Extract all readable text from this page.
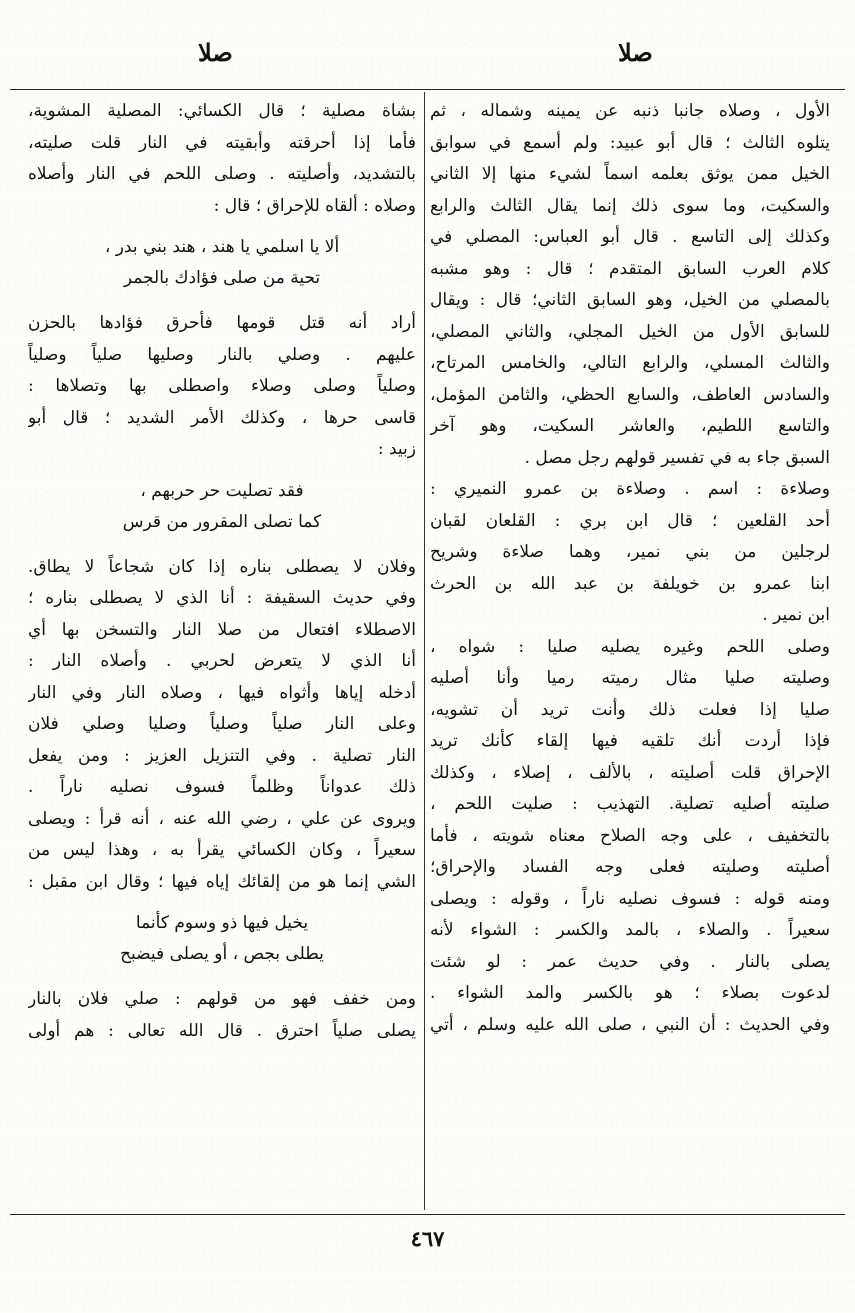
صلا
صلا
الأول ، وصلاه جانبا ذنبه عن يمينه وشماله ، ثم
يتلوه الثالث ؛ قال أبو عبيد: ولم أسمع في سوابق
الخيل ممن يوثق بعلمه اسماً لشيء منها إلا الثاني
والسكيت، وما سوى ذلك إنما يقال الثالث والرابع
وكذلك إلى التاسع . قال أبو العباس: المصلي في
كلام العرب السابق المتقدم ؛ قال : وهو مشبه
بالمصلي من الخيل، وهو السابق الثاني؛ قال : ويقال
للسابق الأول من الخيل المجلي، والثاني المصلي،
والثالث المسلي، والرابع التالي، والخامس المرتاح،
والسادس العاطف، والسابع الحظي، والثامن المؤمل،
والتاسع اللطيم، والعاشر السكيت، وهو آخر
السبق جاء به في تفسير قولهم رجل مصل .
وصلاءة : اسم . وصلاءة بن عمرو النميري :
أحد القلعين ؛ قال ابن بري : القلعان لقبان
لرجلين من بني نمير، وهما صلاءة وشريح
ابنا عمرو بن خويلفة بن عبد الله بن الحرث
ابن نمير .
وصلى اللحم وغيره يصليه صليا : شواه ،
وصليته صليا مثال رميته رميا وأنا أصليه
صليا إذا فعلت ذلك وأنت تريد أن تشويه،
فإذا أردت أنك تلقيه فيها إلقاء كأنك تريد
الإحراق قلت أصليته ، بالألف ، إصلاء ، وكذلك
صليته أصليه تصلية. التهذيب : صليت اللحم ،
بالتخفيف ، على وجه الصلاح معناه شويته ، فأما
أصليته وصليته فعلى وجه الفساد والإحراق؛
ومنه قوله : فسوف نصليه ناراً ، وقوله : ويصلى
سعيراً . والصلاء ، بالمد والكسر : الشواء لأنه
يصلى بالنار . وفي حديث عمر : لو شئت
لدعوت بصلاء ؛ هو بالكسر والمد الشواء .
وفي الحديث : أن النبي ، صلى الله عليه وسلم ، أتي
بشاة مصلية ؛ قال الكسائي: المصلية المشوية،
فأما إذا أحرقته وأبقيته في النار قلت صليته،
بالتشديد، وأصليته . وصلى اللحم في النار وأصلاه
وصلاه : ألقاه للإحراق ؛ قال :
ألا يا اسلمي يا هند ، هند بني بدر ،
تحية من صلى فؤادك بالجمر
أراد أنه قتل قومها فأحرق فؤادها بالحزن
عليهم . وصلي بالنار وصليها صلياً وصلياً
وصلياً وصلى وصلاء واصطلى بها وتصلاها :
قاسى حرها ، وكذلك الأمر الشديد ؛ قال أبو
زبيد :
فقد تصليت حر حربهم ،
كما تصلى المقرور من قرس
وفلان لا يصطلى بناره إذا كان شجاعاً لا يطاق.
وفي حديث السقيفة : أنا الذي لا يصطلى بناره ؛
الاصطلاء افتعال من صلا النار والتسخن بها أي
أنا الذي لا يتعرض لحربي . وأصلاه النار :
أدخله إياها وأثواه فيها ، وصلاه النار وفي النار
وعلى النار صلياً وصلياً وصليا وصلي فلان
النار تصلية . وفي التنزيل العزيز : ومن يفعل
ذلك عدواناً وظلماً فسوف نصليه ناراً .
ويروى عن علي ، رضي الله عنه ، أنه قرأ : ويصلى
سعيراً ، وكان الكسائي يقرأ به ، وهذا ليس من
الشي إنما هو من إلقائك إياه فيها ؛ وقال ابن مقبل :
يخيل فيها ذو وسوم كأنما
يطلى بجص ، أو يصلى فيضبح
ومن خفف فهو من قولهم : صلي فلان بالنار
يصلى صلياً احترق . قال الله تعالى : هم أولى
٤٦٧
